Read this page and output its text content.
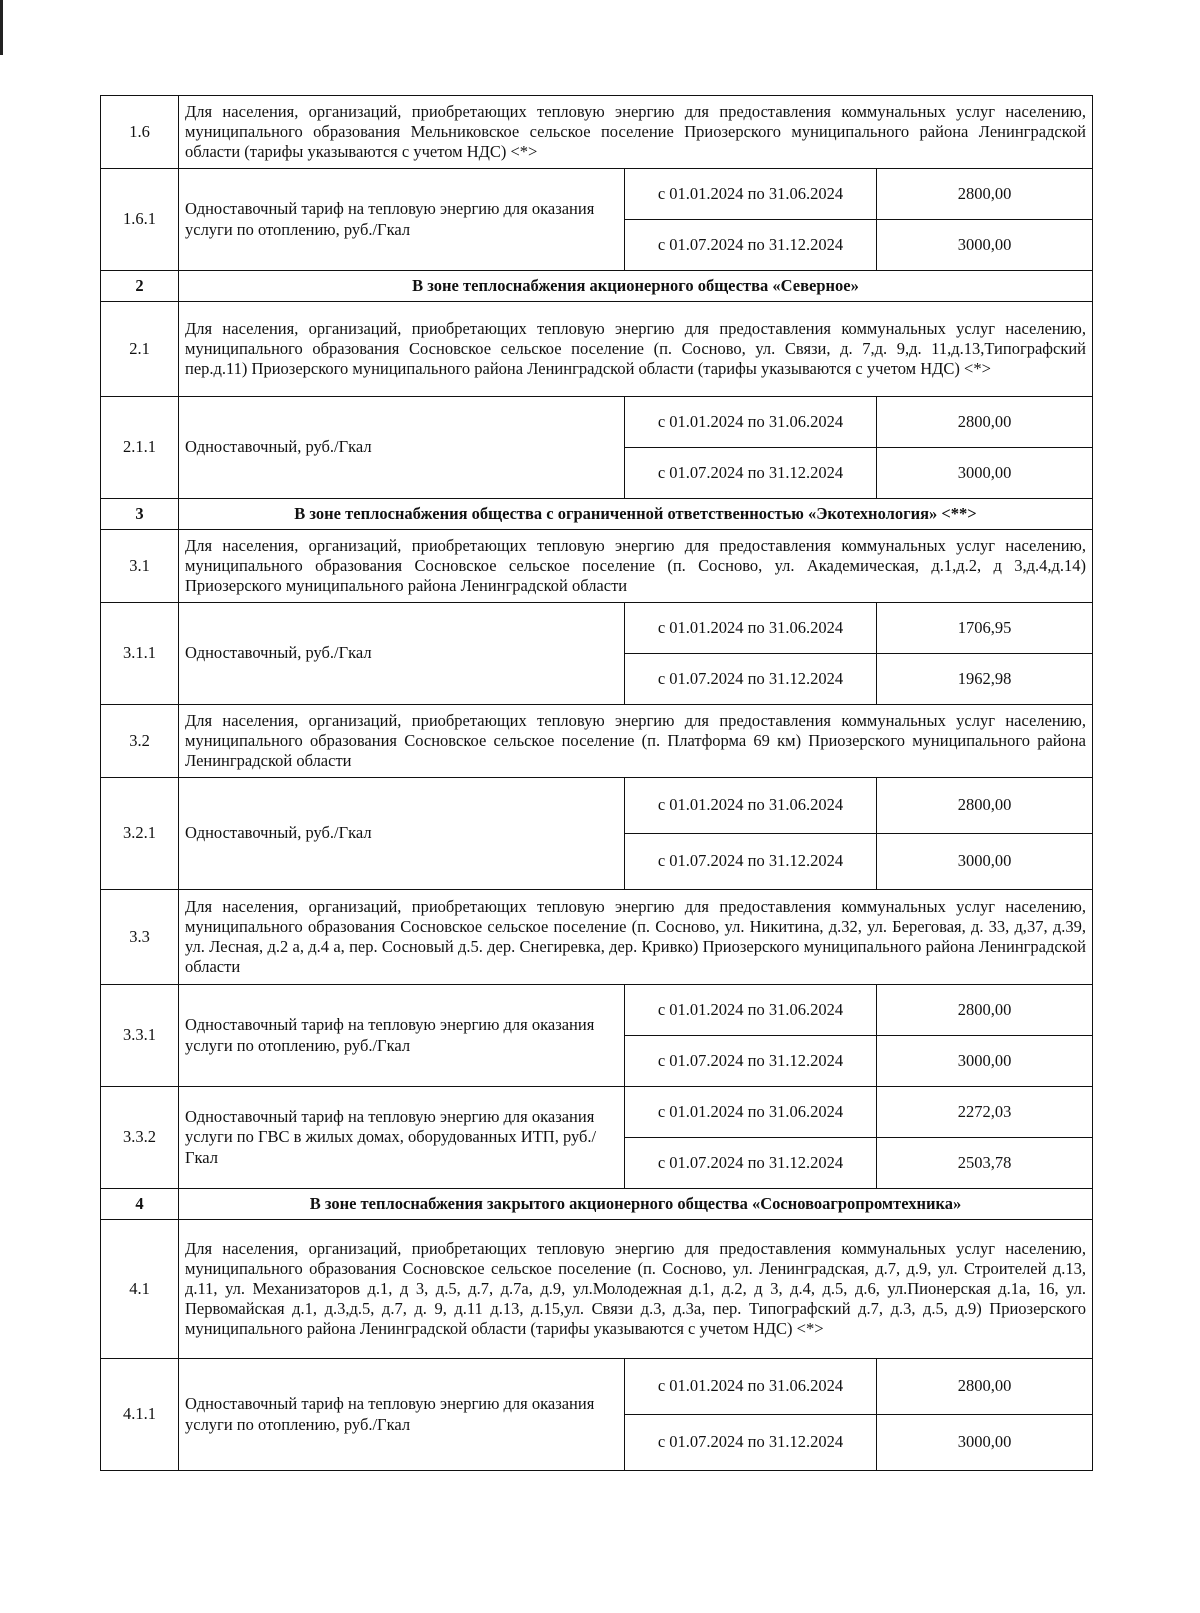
1.6	Для населения, организаций, приобретающих тепловую энергию для предоставления коммунальных услуг населению, муниципального образования Мельниковское сельское поселение Приозерского муниципального района Ленинградской области (тарифы указываются с учетом НДС) <*>		
1.6.1	Одноставочный тариф на тепловую энергию для оказания услуги по отоплению, руб./Гкал	с 01.01.2024 по 31.06.2024	2800,00
		с 01.07.2024 по 31.12.2024	3000,00
2	В зоне теплоснабжения акционерного общества «Северное»		
2.1	Для населения, организаций, приобретающих тепловую энергию для предоставления коммунальных услуг населению, муниципального образования Сосновское сельское поселение (п. Сосново, ул. Связи, д. 7,д. 9,д. 11,д.13,Типографский пер.д.11) Приозерского муниципального района Ленинградской области (тарифы указываются с учетом НДС) <*>		
2.1.1	Одноставочный, руб./Гкал	с 01.01.2024 по 31.06.2024	2800,00
		с 01.07.2024 по 31.12.2024	3000,00
3	В зоне теплоснабжения общества с ограниченной ответственностью «Экотехнология» <**>		
3.1	Для населения, организаций, приобретающих тепловую энергию для предоставления коммунальных услуг населению, муниципального образования Сосновское сельское поселение (п. Сосново, ул. Академическая, д.1,д.2, д 3,д.4,д.14) Приозерского муниципального района Ленинградской области		
3.1.1	Одноставочный, руб./Гкал	с 01.01.2024 по 31.06.2024	1706,95
		с 01.07.2024 по 31.12.2024	1962,98
3.2	Для населения, организаций, приобретающих тепловую энергию для предоставления коммунальных услуг населению, муниципального образования Сосновское сельское поселение (п. Платформа 69 км) Приозерского муниципального района Ленинградской области		
3.2.1	Одноставочный, руб./Гкал	с 01.01.2024 по 31.06.2024	2800,00
		с 01.07.2024 по 31.12.2024	3000,00
3.3	Для населения, организаций, приобретающих тепловую энергию для предоставления коммунальных услуг населению, муниципального образования Сосновское сельское поселение (п. Сосново, ул. Никитина, д.32, ул. Береговая, д. 33, д,37, д.39, ул. Лесная, д.2 а, д.4 а, пер. Сосновый д.5. дер. Снегиревка, дер. Кривко) Приозерского муниципального района Ленинградской области		
3.3.1	Одноставочный тариф на тепловую энергию для оказания услуги по отоплению, руб./Гкал	с 01.01.2024 по 31.06.2024	2800,00
		с 01.07.2024 по 31.12.2024	3000,00
3.3.2	Одноставочный тариф на тепловую энергию для оказания услуги по ГВС в жилых домах, оборудованных ИТП, руб./Гкал	с 01.01.2024 по 31.06.2024	2272,03
		с 01.07.2024 по 31.12.2024	2503,78
4	В зоне теплоснабжения закрытого акционерного общества «Сосновоагропромтехника»		
4.1	Для населения, организаций, приобретающих тепловую энергию для предоставления коммунальных услуг населению, муниципального образования Сосновское сельское поселение (п. Сосново, ул. Ленинградская, д.7, д.9, ул. Строителей д.13, д.11, ул. Механизаторов д.1, д 3, д.5, д.7, д.7а, д.9, ул.Молодежная д.1, д.2, д 3, д.4, д.5, д.6, ул.Пионерская д.1а, 16, ул. Первомайская д.1, д.3,д.5, д.7, д. 9, д.11 д.13, д.15,ул. Связи д.3, д.3а, пер. Типографский д.7, д.3, д.5, д.9) Приозерского муниципального района Ленинградской области (тарифы указываются с учетом НДС) <*>		
4.1.1	Одноставочный тариф на тепловую энергию для оказания услуги по отоплению, руб./Гкал	с 01.01.2024 по 31.06.2024	2800,00
		с 01.07.2024 по 31.12.2024	3000,00
